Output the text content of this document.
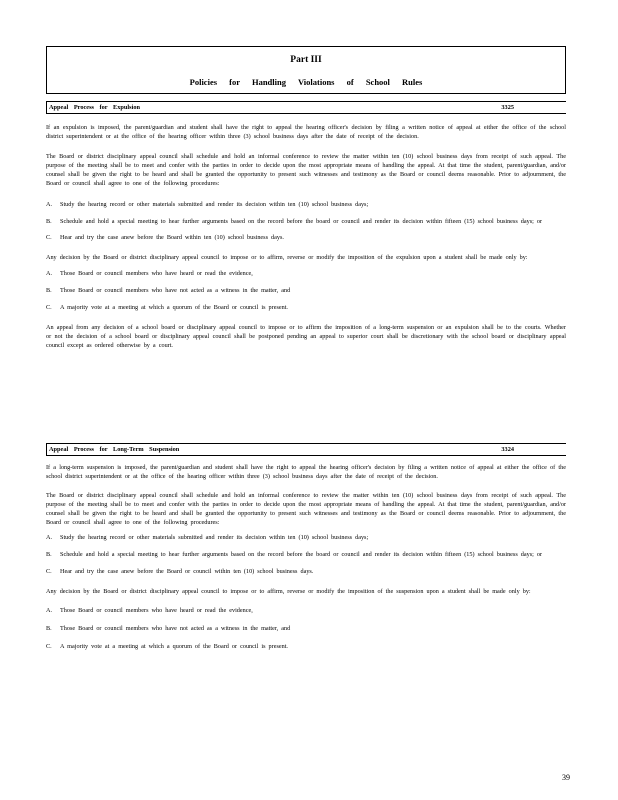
Part III
Policies for Handling Violations of School Rules
Appeal Process for Expulsion	3325

If an expulsion is imposed, the parent/guardian and student shall have the right to appeal the hearing officer's decision by filing a written notice of appeal at either the office of the school district superintendent or at the office of the hearing officer within three (3) school business days after the date of receipt of the decision.

The Board or district disciplinary appeal council shall schedule and hold an informal conference to review the matter within ten (10) school business days from receipt of such appeal. The purpose of the meeting shall be to meet and confer with the parties in order to decide upon the most appropriate means of handling the appeal. At that time the student, parent/guardian, and/or counsel shall be given the right to be heard and shall be granted the opportunity to present such witnesses and testimony as the Board or council deems reasonable. Prior to adjournment, the Board or council shall agree to one of the following procedures:

A. Study the hearing record or other materials submitted and render its decision within ten (10) school business days;
B. Schedule and hold a special meeting to hear further arguments based on the record before the board or council and render its decision within fifteen (15) school business days; or
C. Hear and try the case anew before the Board within ten (10) school business days.

Any decision by the Board or district disciplinary appeal council to impose or to affirm, reverse or modify the imposition of the expulsion upon a student shall be made only by:

A. Those Board or council members who have heard or read the evidence,
B. Those Board or council members who have not acted as a witness in the matter, and
C. A majority vote at a meeting at which a quorum of the Board or council is present.

An appeal from any decision of a school board or disciplinary appeal council to impose or to affirm the imposition of a long-term suspension or an expulsion shall be to the courts. Whether or not the decision of a school board or disciplinary appeal council shall be postponed pending an appeal to superior court shall be discretionary with the school board or disciplinary appeal council except as ordered otherwise by a court.

Appeal Process for Long-Term Suspension	3324

If a long-term suspension is imposed, the parent/guardian and student shall have the right to appeal the hearing officer's decision by filing a written notice of appeal at either the office of the school district superintendent or at the office of the hearing officer within three (3) school business days after the date of receipt of the decision.

The Board or district disciplinary appeal council shall schedule and hold an informal conference to review the matter within ten (10) school business days from receipt of such appeal. The purpose of the meeting shall be to meet and confer with the parties in order to decide upon the most appropriate means of handling the appeal. At that time the student, parent/guardian, and/or counsel shall be given the right to be heard and shall be granted the opportunity to present such witnesses and testimony as the Board or council deems reasonable. Prior to adjournment, the Board or council shall agree to one of the following procedures:

A. Study the hearing record or other materials submitted and render its decision within ten (10) school business days;
B. Schedule and hold a special meeting to hear further arguments based on the record before the board or council and render its decision within fifteen (15) school business days; or
C. Hear and try the case anew before the Board or council within ten (10) school business days.

Any decision by the Board or district disciplinary appeal council to impose or to affirm, reverse or modify the imposition of the suspension upon a student shall be made only by:

A. Those Board or council members who have heard or read the evidence,
B. Those Board or council members who have not acted as a witness in the matter, and
C. A majority vote at a meeting at which a quorum of the Board or council is present.
39
